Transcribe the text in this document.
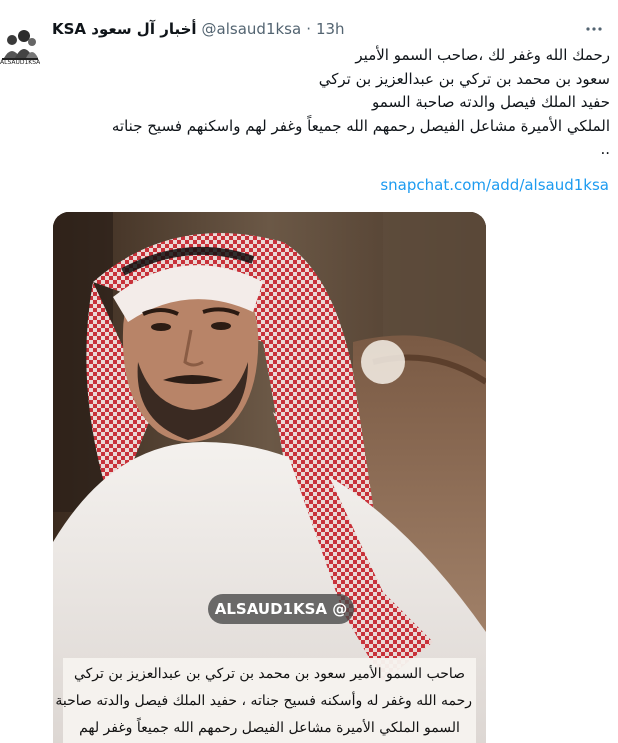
ALSAUD1KSA
أخبار آل سعود KSA @alsaud1ksa · 13h
رحمك الله وغفر لك ،صاحب السمو الأمير
سعود بن محمد بن تركي بن عبدالعزيز بن تركي
حفيد الملك فيصل والدته صاحبة السمو
الملكي الأميرة مشاعل الفيصل رحمهم الله جميعاً وغفر لهم واسكنهم فسيح جناته
..
snapchat.com/add/alsaud1ksa
ALSAUD1KSA @
صاحب السمو الأمير سعود بن محمد بن تركي بن عبدالعزيز بن تركي
رحمه الله وغفر له وأسكنه فسيح جناته ، حفيد الملك فيصل والدته صاحبة
السمو الملكي الأميرة مشاعل الفيصل رحمهم الله جميعاً وغفر لهم
